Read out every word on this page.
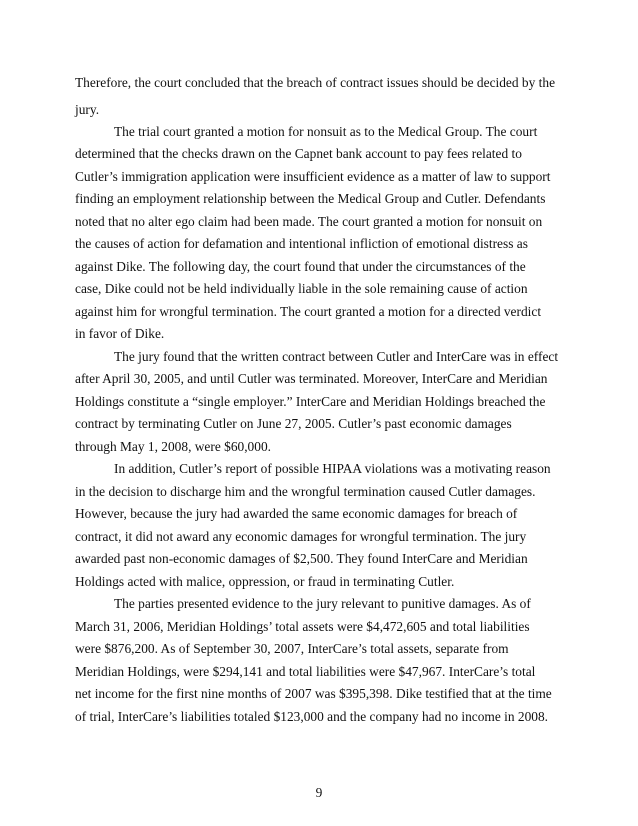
Therefore, the court concluded that the breach of contract issues should be decided by the
jury.
The trial court granted a motion for nonsuit as to the Medical Group. The court
determined that the checks drawn on the Capnet bank account to pay fees related to
Cutler’s immigration application were insufficient evidence as a matter of law to support
finding an employment relationship between the Medical Group and Cutler. Defendants
noted that no alter ego claim had been made. The court granted a motion for nonsuit on
the causes of action for defamation and intentional infliction of emotional distress as
against Dike. The following day, the court found that under the circumstances of the
case, Dike could not be held individually liable in the sole remaining cause of action
against him for wrongful termination. The court granted a motion for a directed verdict
in favor of Dike.
The jury found that the written contract between Cutler and InterCare was in effect
after April 30, 2005, and until Cutler was terminated. Moreover, InterCare and Meridian
Holdings constitute a “single employer.” InterCare and Meridian Holdings breached the
contract by terminating Cutler on June 27, 2005. Cutler’s past economic damages
through May 1, 2008, were $60,000.
In addition, Cutler’s report of possible HIPAA violations was a motivating reason
in the decision to discharge him and the wrongful termination caused Cutler damages.
However, because the jury had awarded the same economic damages for breach of
contract, it did not award any economic damages for wrongful termination. The jury
awarded past non-economic damages of $2,500. They found InterCare and Meridian
Holdings acted with malice, oppression, or fraud in terminating Cutler.
The parties presented evidence to the jury relevant to punitive damages. As of
March 31, 2006, Meridian Holdings’ total assets were $4,472,605 and total liabilities
were $876,200. As of September 30, 2007, InterCare’s total assets, separate from
Meridian Holdings, were $294,141 and total liabilities were $47,967. InterCare’s total
net income for the first nine months of 2007 was $395,398. Dike testified that at the time
of trial, InterCare’s liabilities totaled $123,000 and the company had no income in 2008.
9
